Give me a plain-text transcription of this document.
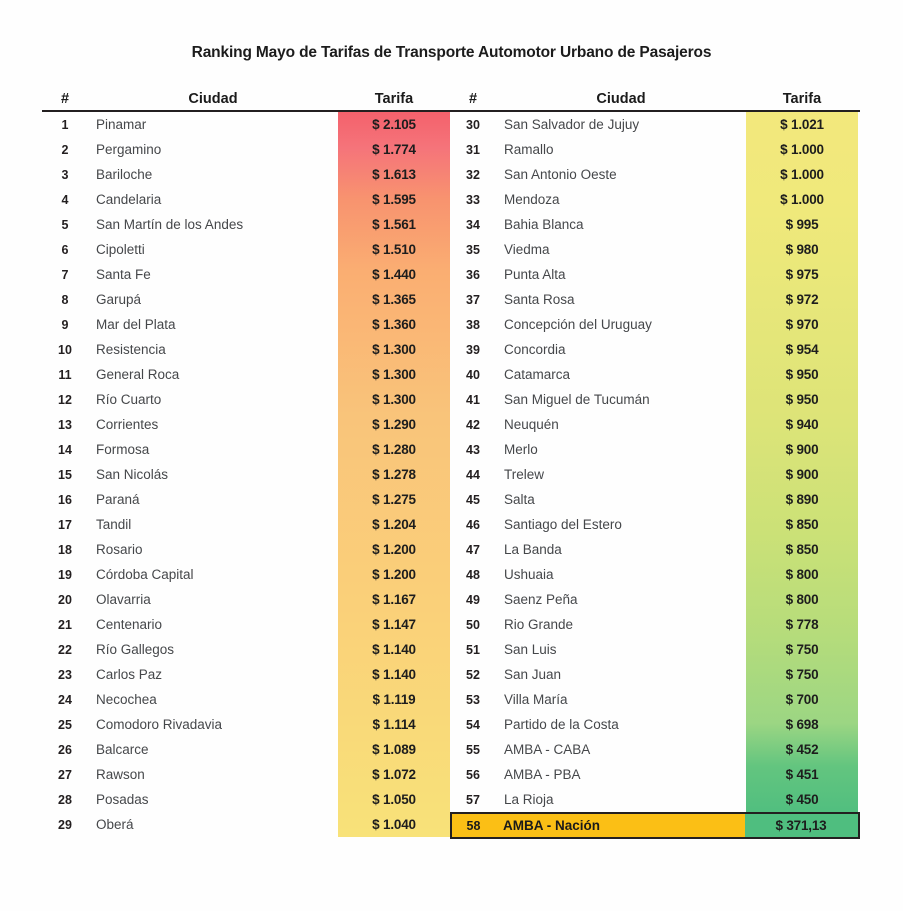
Ranking Mayo de Tarifas de Transporte Automotor Urbano de Pasajeros
#	Ciudad	Tarifa
1	Pinamar	$ 2.105
2	Pergamino	$ 1.774
3	Bariloche	$ 1.613
4	Candelaria	$ 1.595
5	San Martín de los Andes	$ 1.561
6	Cipoletti	$ 1.510
7	Santa Fe	$ 1.440
8	Garupá	$ 1.365
9	Mar del Plata	$ 1.360
10	Resistencia	$ 1.300
11	General Roca	$ 1.300
12	Río Cuarto	$ 1.300
13	Corrientes	$ 1.290
14	Formosa	$ 1.280
15	San Nicolás	$ 1.278
16	Paraná	$ 1.275
17	Tandil	$ 1.204
18	Rosario	$ 1.200
19	Córdoba Capital	$ 1.200
20	Olavarria	$ 1.167
21	Centenario	$ 1.147
22	Río Gallegos	$ 1.140
23	Carlos Paz	$ 1.140
24	Necochea	$ 1.119
25	Comodoro Rivadavia	$ 1.114
26	Balcarce	$ 1.089
27	Rawson	$ 1.072
28	Posadas	$ 1.050
29	Oberá	$ 1.040
#	Ciudad	Tarifa
30	San Salvador de Jujuy	$ 1.021
31	Ramallo	$ 1.000
32	San Antonio Oeste	$ 1.000
33	Mendoza	$ 1.000
34	Bahia Blanca	$ 995
35	Viedma	$ 980
36	Punta Alta	$ 975
37	Santa Rosa	$ 972
38	Concepción del Uruguay	$ 970
39	Concordia	$ 954
40	Catamarca	$ 950
41	San Miguel de Tucumán	$ 950
42	Neuquén	$ 940
43	Merlo	$ 900
44	Trelew	$ 900
45	Salta	$ 890
46	Santiago del Estero	$ 850
47	La Banda	$ 850
48	Ushuaia	$ 800
49	Saenz Peña	$ 800
50	Rio Grande	$ 778
51	San Luis	$ 750
52	San Juan	$ 750
53	Villa María	$ 700
54	Partido de la Costa	$ 698
55	AMBA - CABA	$ 452
56	AMBA - PBA	$ 451
57	La Rioja	$ 450
58	AMBA - Nación	$ 371,13
